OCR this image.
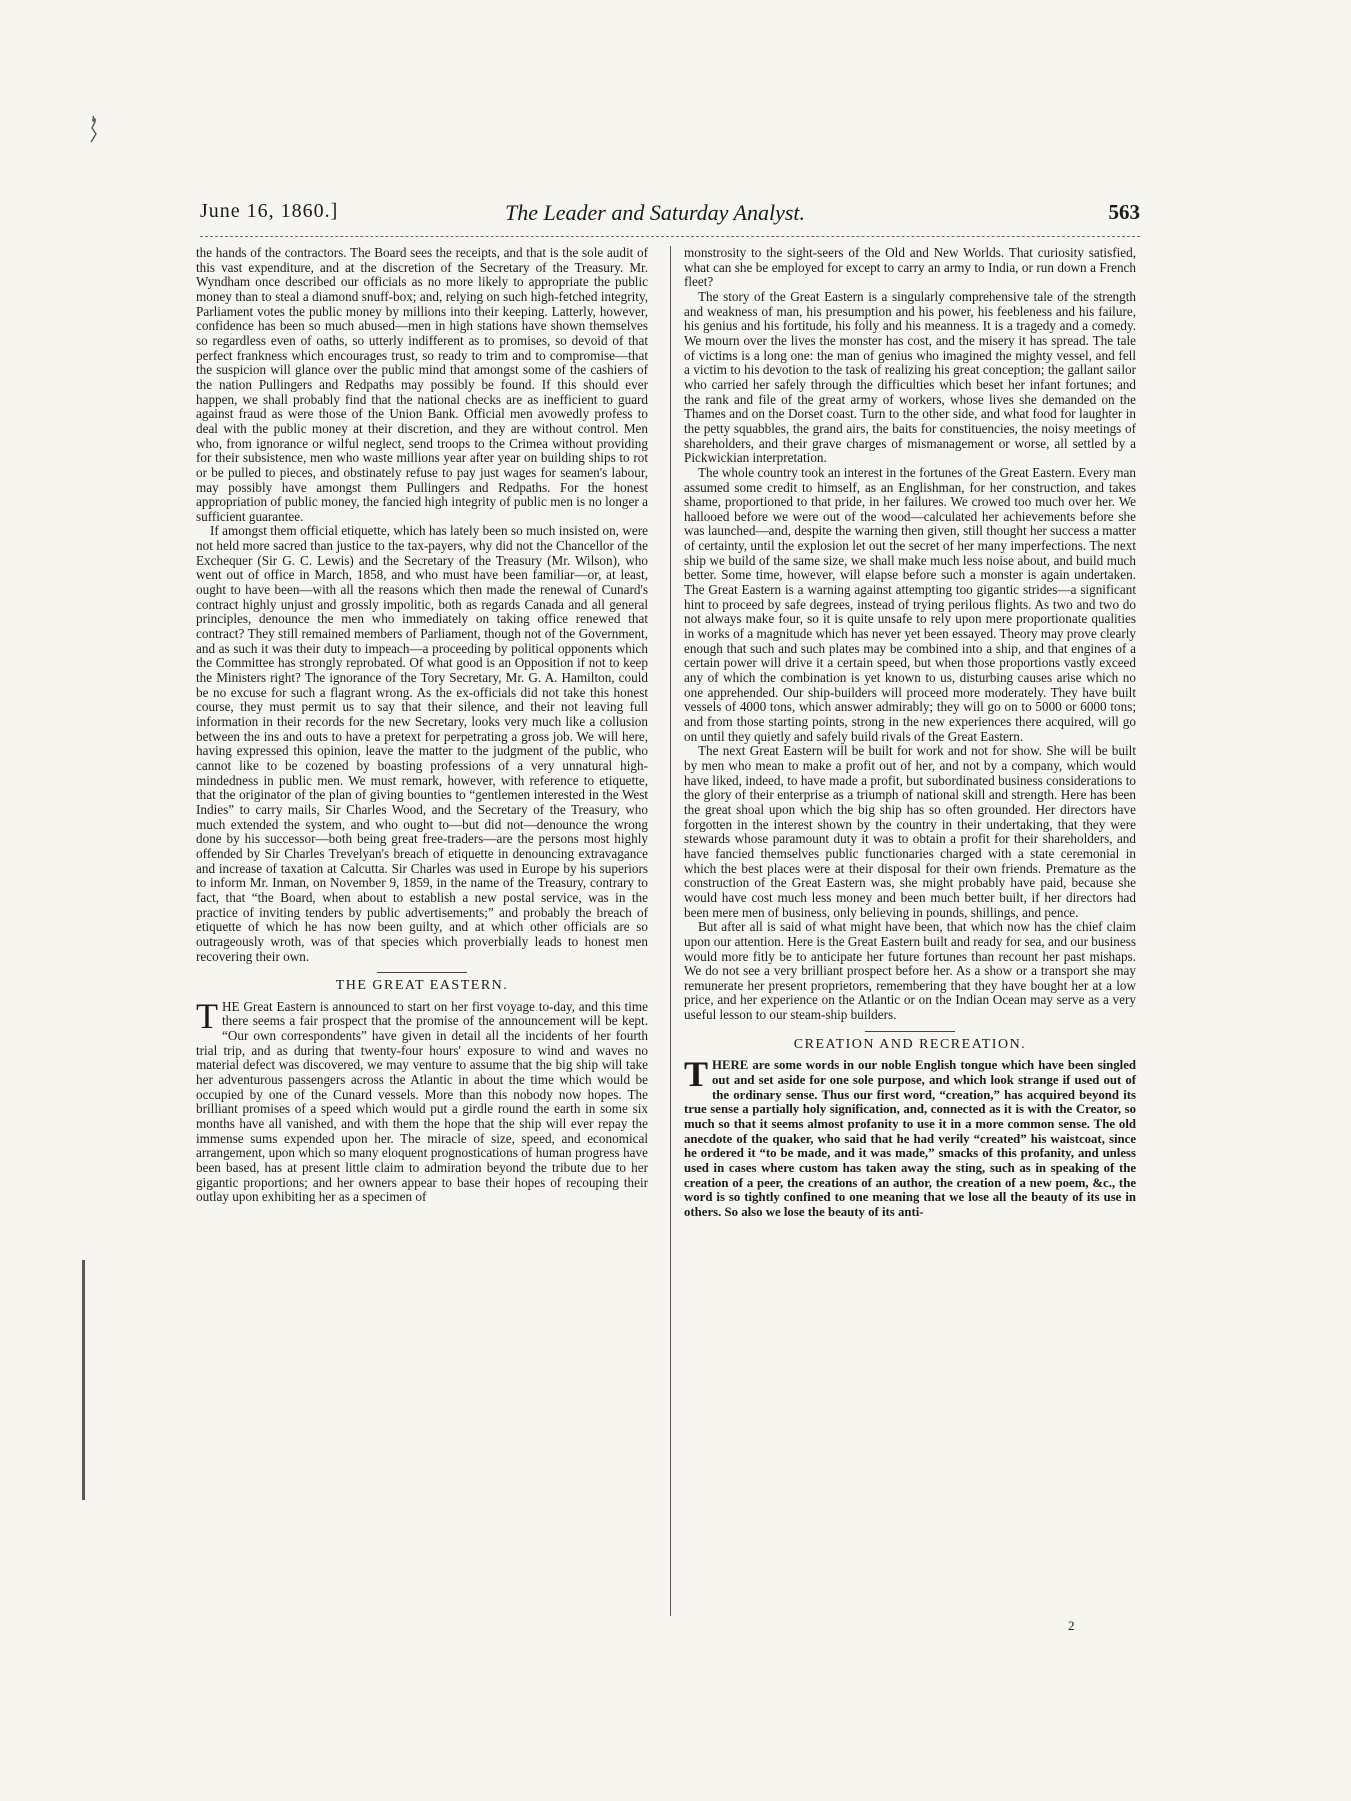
June 16, 1860.]	The Leader and Saturday Analyst.	563

the hands of the contractors. The Board sees the receipts, and that is the sole audit of this vast expenditure, and at the discretion of the Secretary of the Treasury. Mr. Wyndham once described our officials as no more likely to appropriate the public money than to steal a diamond snuff-box; and, relying on such high-fetched integrity, Parliament votes the public money by millions into their keeping. Latterly, however, confidence has been so much abused—men in high stations have shown themselves so regardless even of oaths, so utterly indifferent as to promises, so devoid of that perfect frankness which encourages trust, so ready to trim and to compromise—that the suspicion will glance over the public mind that amongst some of the cashiers of the nation Pullingers and Redpaths may possibly be found. If this should ever happen, we shall probably find that the national checks are as inefficient to guard against fraud as were those of the Union Bank. Official men avowedly profess to deal with the public money at their discretion, and they are without control. Men who, from ignorance or wilful neglect, send troops to the Crimea without providing for their subsistence, men who waste millions year after year on building ships to rot or be pulled to pieces, and obstinately refuse to pay just wages for seamen's labour, may possibly have amongst them Pullingers and Redpaths. For the honest appropriation of public money, the fancied high integrity of public men is no longer a sufficient guarantee.

If amongst them official etiquette, which has lately been so much insisted on, were not held more sacred than justice to the tax-payers, why did not the Chancellor of the Exchequer (Sir G. C. Lewis) and the Secretary of the Treasury (Mr. Wilson), who went out of office in March, 1858, and who must have been familiar—or, at least, ought to have been—with all the reasons which then made the renewal of Cunard's contract highly unjust and grossly impolitic, both as regards Canada and all general principles, denounce the men who immediately on taking office renewed that contract? They still remained members of Parliament, though not of the Government, and as such it was their duty to impeach—a proceeding by political opponents which the Committee has strongly reprobated. Of what good is an Opposition if not to keep the Ministers right? The ignorance of the Tory Secretary, Mr. G. A. Hamilton, could be no excuse for such a flagrant wrong. As the ex-officials did not take this honest course, they must permit us to say that their silence, and their not leaving full information in their records for the new Secretary, looks very much like a collusion between the ins and outs to have a pretext for perpetrating a gross job. We will here, having expressed this opinion, leave the matter to the judgment of the public, who cannot like to be cozened by boasting professions of a very unnatural high-mindedness in public men. We must remark, however, with reference to etiquette, that the originator of the plan of giving bounties to “gentlemen interested in the West Indies” to carry mails, Sir Charles Wood, and the Secretary of the Treasury, who much extended the system, and who ought to—but did not—denounce the wrong done by his successor—both being great free-traders—are the persons most highly offended by Sir Charles Trevelyan's breach of etiquette in denouncing extravagance and increase of taxation at Calcutta. Sir Charles was used in Europe by his superiors to inform Mr. Inman, on November 9, 1859, in the name of the Treasury, contrary to fact, that “the Board, when about to establish a new postal service, was in the practice of inviting tenders by public advertisements;” and probably the breach of etiquette of which he has now been guilty, and at which other officials are so outrageously wroth, was of that species which proverbially leads to honest men recovering their own.

THE GREAT EASTERN.

THE Great Eastern is announced to start on her first voyage to-day, and this time there seems a fair prospect that the promise of the announcement will be kept. “Our own correspondents” have given in detail all the incidents of her fourth trial trip, and as during that twenty-four hours' exposure to wind and waves no material defect was discovered, we may venture to assume that the big ship will take her adventurous passengers across the Atlantic in about the time which would be occupied by one of the Cunard vessels. More than this nobody now hopes. The brilliant promises of a speed which would put a girdle round the earth in some six months have all vanished, and with them the hope that the ship will ever repay the immense sums expended upon her. The miracle of size, speed, and economical arrangement, upon which so many eloquent prognostications of human progress have been based, has at present little claim to admiration beyond the tribute due to her gigantic proportions; and her owners appear to base their hopes of recouping their outlay upon exhibiting her as a specimen of

monstrosity to the sight-seers of the Old and New Worlds. That curiosity satisfied, what can she be employed for except to carry an army to India, or run down a French fleet?

The story of the Great Eastern is a singularly comprehensive tale of the strength and weakness of man, his presumption and his power, his feebleness and his failure, his genius and his fortitude, his folly and his meanness. It is a tragedy and a comedy. We mourn over the lives the monster has cost, and the misery it has spread. The tale of victims is a long one: the man of genius who imagined the mighty vessel, and fell a victim to his devotion to the task of realizing his great conception; the gallant sailor who carried her safely through the difficulties which beset her infant fortunes; and the rank and file of the great army of workers, whose lives she demanded on the Thames and on the Dorset coast. Turn to the other side, and what food for laughter in the petty squabbles, the grand airs, the baits for constituencies, the noisy meetings of shareholders, and their grave charges of mismanagement or worse, all settled by a Pickwickian interpretation.

The whole country took an interest in the fortunes of the Great Eastern. Every man assumed some credit to himself, as an Englishman, for her construction, and takes shame, proportioned to that pride, in her failures. We crowed too much over her. We hallooed before we were out of the wood—calculated her achievements before she was launched—and, despite the warning then given, still thought her success a matter of certainty, until the explosion let out the secret of her many imperfections. The next ship we build of the same size, we shall make much less noise about, and build much better. Some time, however, will elapse before such a monster is again undertaken. The Great Eastern is a warning against attempting too gigantic strides—a significant hint to proceed by safe degrees, instead of trying perilous flights. As two and two do not always make four, so it is quite unsafe to rely upon mere proportionate qualities in works of a magnitude which has never yet been essayed. Theory may prove clearly enough that such and such plates may be combined into a ship, and that engines of a certain power will drive it a certain speed, but when those proportions vastly exceed any of which the combination is yet known to us, disturbing causes arise which no one apprehended. Our ship-builders will proceed more moderately. They have built vessels of 4000 tons, which answer admirably; they will go on to 5000 or 6000 tons; and from those starting points, strong in the new experiences there acquired, will go on until they quietly and safely build rivals of the Great Eastern.

The next Great Eastern will be built for work and not for show. She will be built by men who mean to make a profit out of her, and not by a company, which would have liked, indeed, to have made a profit, but subordinated business considerations to the glory of their enterprise as a triumph of national skill and strength. Here has been the great shoal upon which the big ship has so often grounded. Her directors have forgotten in the interest shown by the country in their undertaking, that they were stewards whose paramount duty it was to obtain a profit for their shareholders, and have fancied themselves public functionaries charged with a state ceremonial in which the best places were at their disposal for their own friends. Premature as the construction of the Great Eastern was, she might probably have paid, because she would have cost much less money and been much better built, if her directors had been mere men of business, only believing in pounds, shillings, and pence.

But after all is said of what might have been, that which now has the chief claim upon our attention. Here is the Great Eastern built and ready for sea, and our business would more fitly be to anticipate her future fortunes than recount her past mishaps. We do not see a very brilliant prospect before her. As a show or a transport she may remunerate her present proprietors, remembering that they have bought her at a low price, and her experience on the Atlantic or on the Indian Ocean may serve as a very useful lesson to our steam-ship builders.

CREATION AND RECREATION.

THERE are some words in our noble English tongue which have been singled out and set aside for one sole purpose, and which look strange if used out of the ordinary sense. Thus our first word, “creation,” has acquired beyond its true sense a partially holy signification, and, connected as it is with the Creator, so much so that it seems almost profanity to use it in a more common sense. The old anecdote of the quaker, who said that he had verily “created” his waistcoat, since he ordered it “to be made, and it was made,” smacks of this profanity, and unless used in cases where custom has taken away the sting, such as in speaking of the creation of a peer, the creations of an author, the creation of a new poem, &c., the word is so tightly confined to one meaning that we lose all the beauty of its use in others. So also we lose the beauty of its anti-

2
